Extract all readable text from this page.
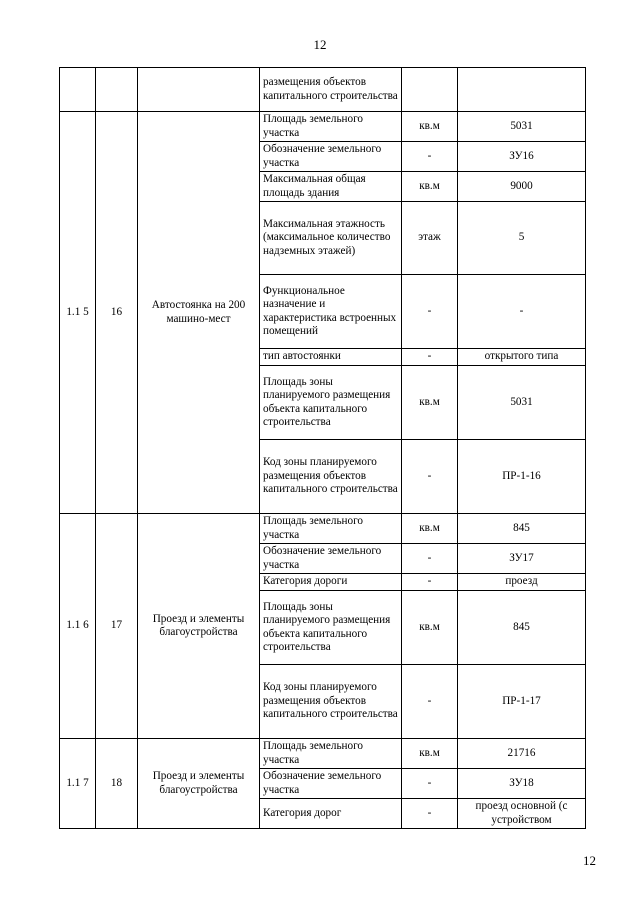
12
			размещения объектов капитального строительства		
1.1 5	16	Автостоянка на 200 машино-мест	Площадь земельного участка	кв.м	5031
			Обозначение земельного участка	-	ЗУ16
			Максимальная общая площадь здания	кв.м	9000
			Максимальная этажность (максимальное количество надземных этажей)	этаж	5
			Функциональное назначение и характеристика встроенных помещений	-	-
			тип автостоянки	-	открытого типа
			Площадь зоны планируемого размещения объекта капитального строительства	кв.м	5031
			Код зоны планируемого размещения объектов капитального строительства	-	ПР-1-16
1.1 6	17	Проезд и элементы благоустройства	Площадь земельного участка	кв.м	845
			Обозначение земельного участка	-	ЗУ17
			Категория дороги	-	проезд
			Площадь зоны планируемого размещения объекта капитального строительства	кв.м	845
			Код зоны планируемого размещения объектов капитального строительства	-	ПР-1-17
1.1 7	18	Проезд и элементы благоустройства	Площадь земельного участка	кв.м	21716
			Обозначение земельного участка	-	ЗУ18
			Категория дорог	-	проезд основной (с устройством
12
